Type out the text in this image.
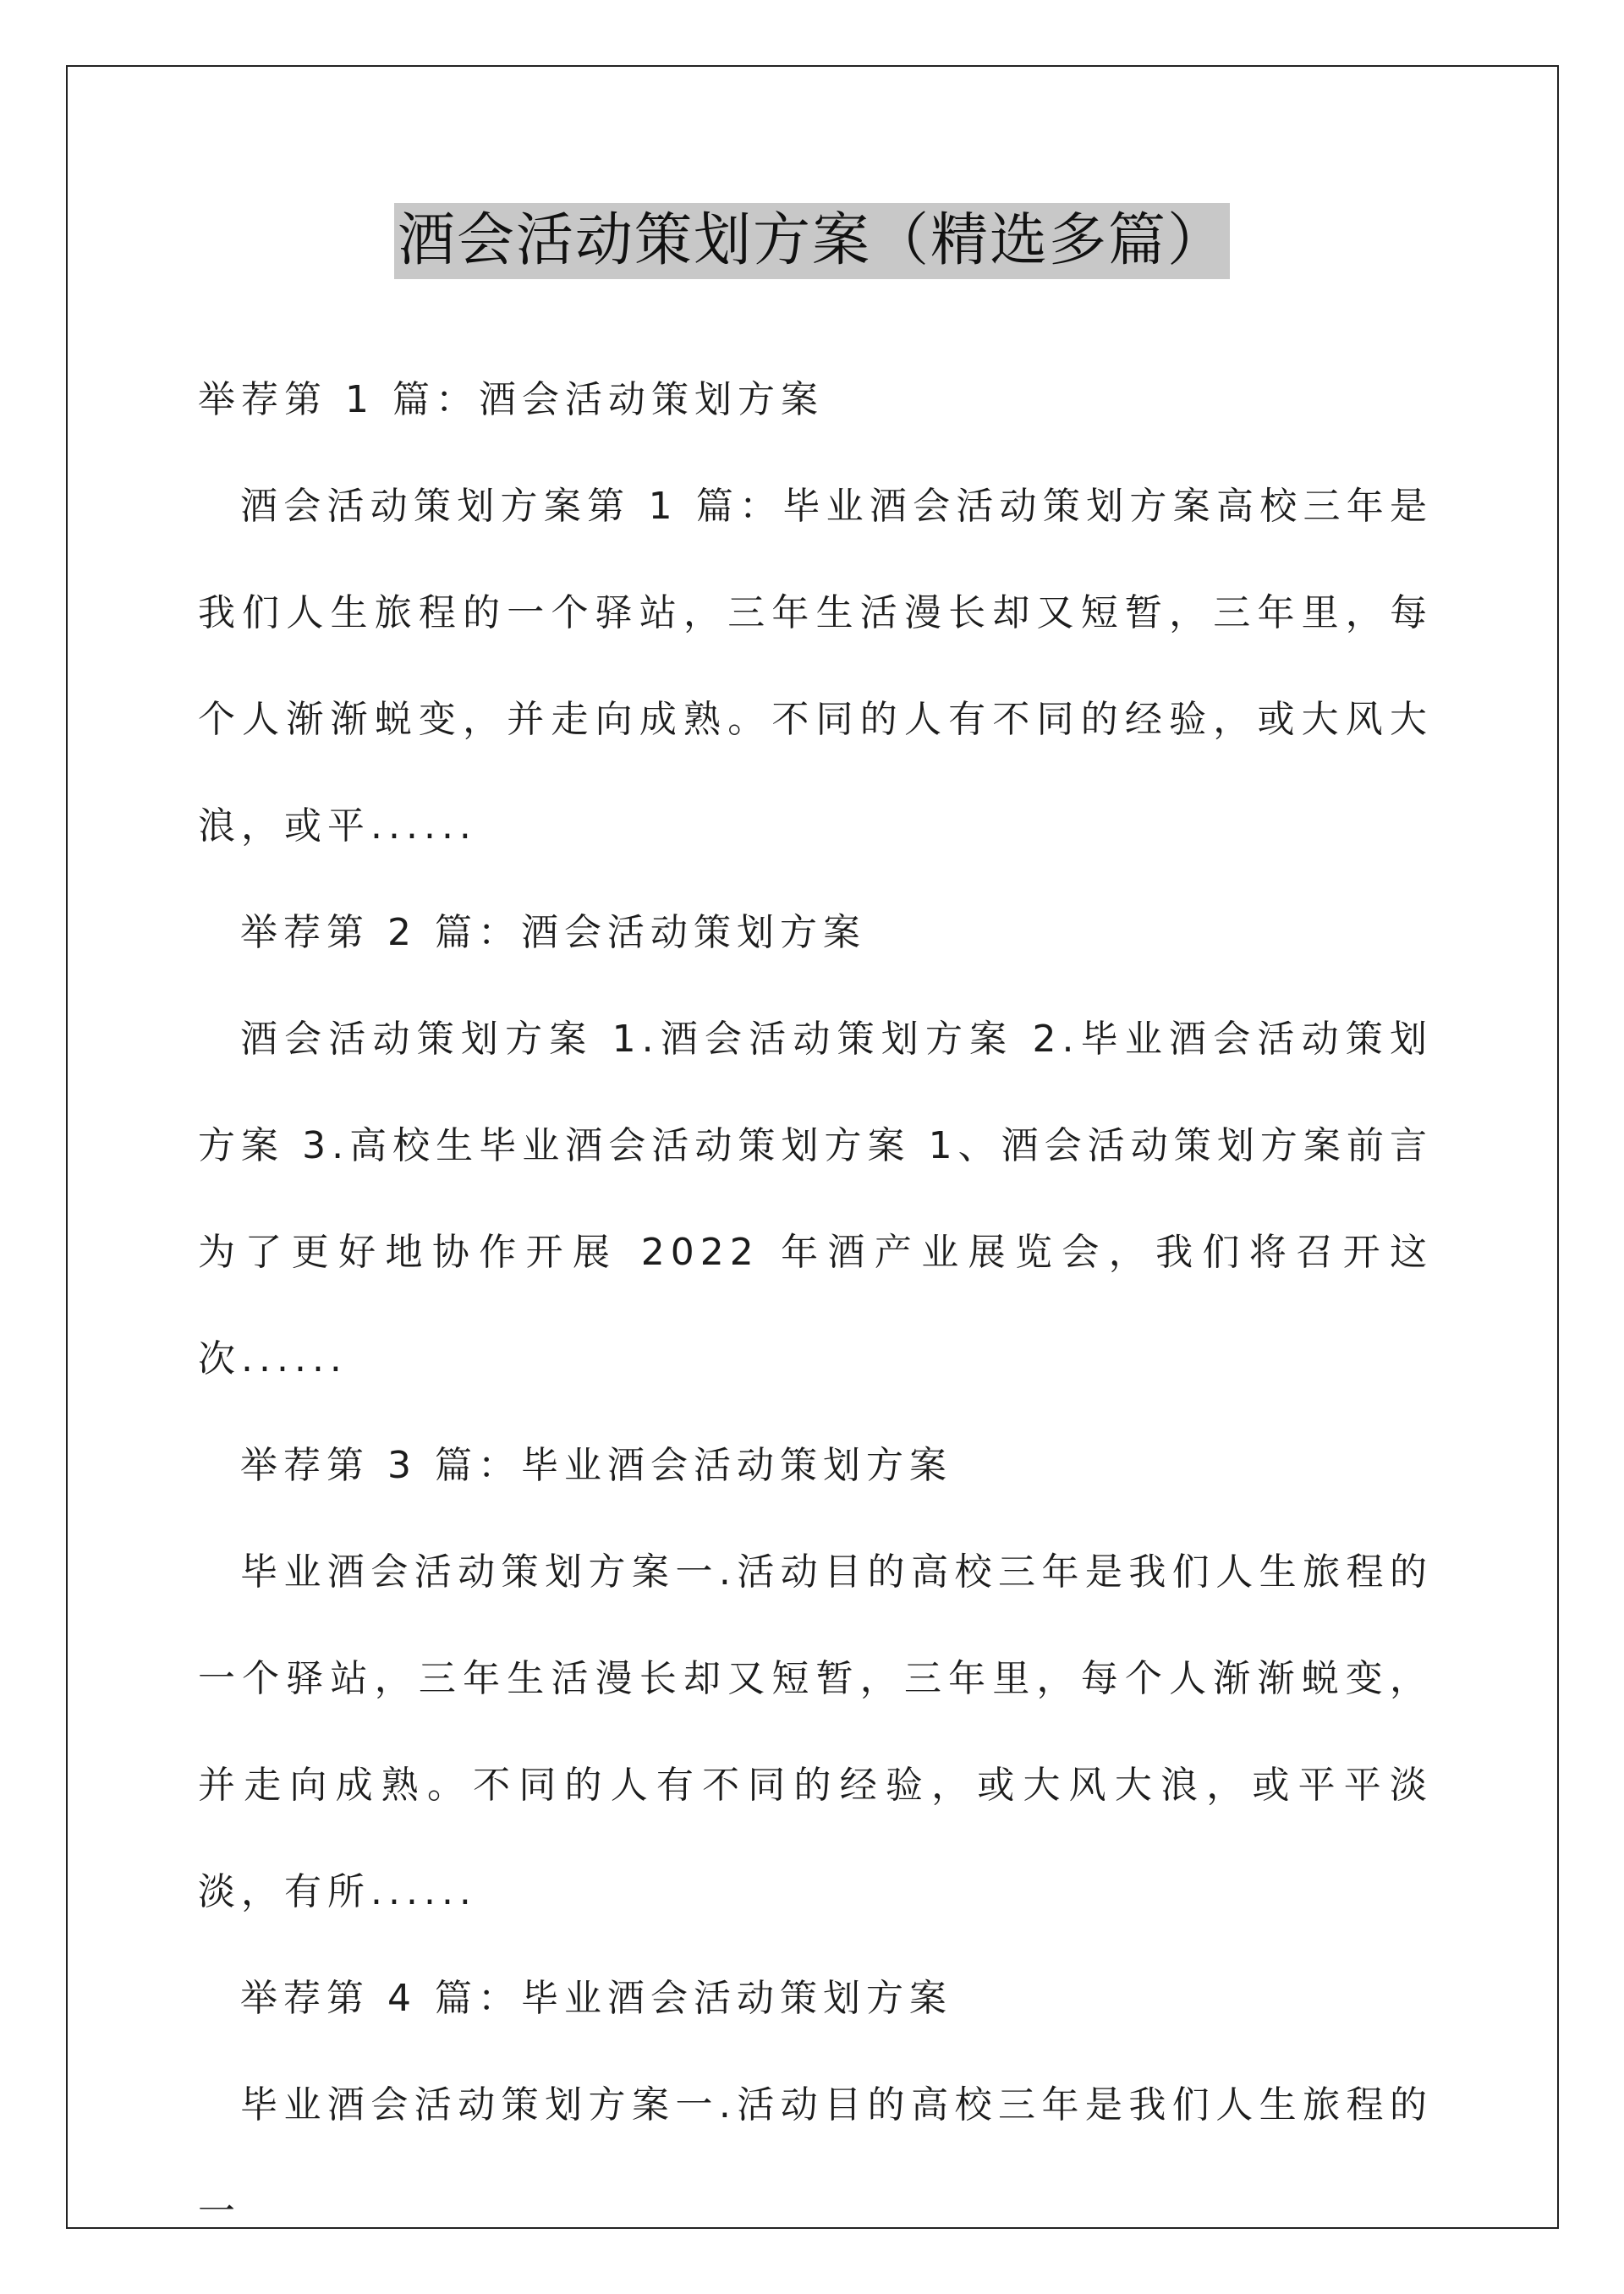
酒会活动策划方案（精选多篇）

举荐第 1 篇：酒会活动策划方案

酒会活动策划方案第 1 篇：毕业酒会活动策划方案高校三年是我们人生旅程的一个驿站，三年生活漫长却又短暂，三年里，每个人渐渐蜕变，并走向成熟。不同的人有不同的经验，或大风大浪，或平......

举荐第 2 篇：酒会活动策划方案

酒会活动策划方案 1.酒会活动策划方案 2.毕业酒会活动策划方案 3.高校生毕业酒会活动策划方案 1、酒会活动策划方案前言 为了更好地协作开展 2022 年酒产业展览会，我们将召开这次......

举荐第 3 篇：毕业酒会活动策划方案

毕业酒会活动策划方案一.活动目的高校三年是我们人生旅程的一个驿站，三年生活漫长却又短暂，三年里，每个人渐渐蜕变，并走向成熟。不同的人有不同的经验，或大风大浪，或平平淡淡，有所......

举荐第 4 篇：毕业酒会活动策划方案

毕业酒会活动策划方案一.活动目的高校三年是我们人生旅程的一
